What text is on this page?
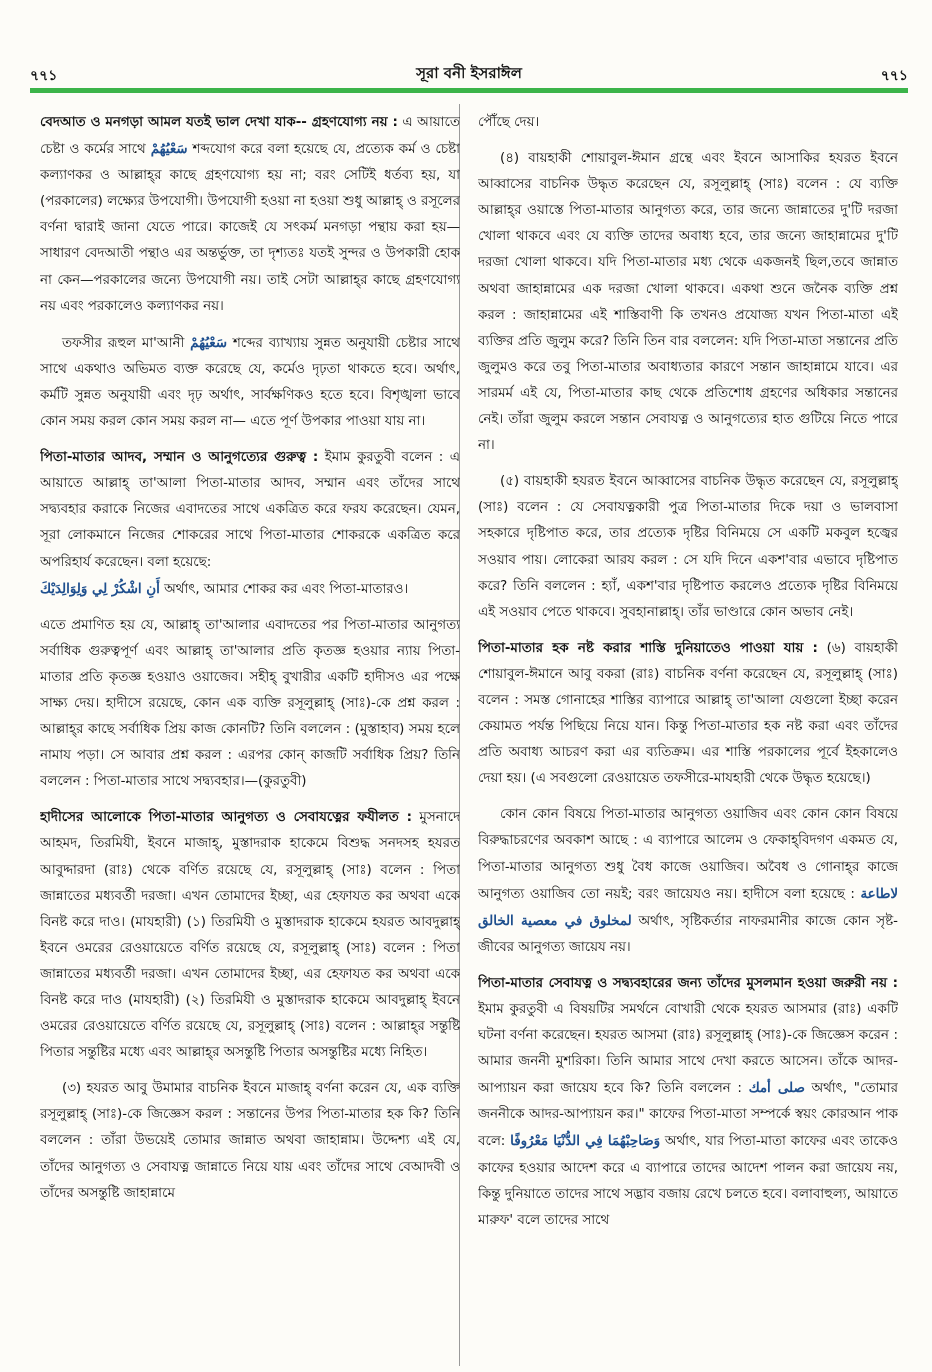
৭৭১	সূরা বনী ইসরাঈল	৭৭১

বেদআত ও মনগড়া আমল যতই ভাল দেখা যাক-- গ্রহণযোগ্য নয় : এ আয়াতে চেষ্টা ও কর্মের সাথে سَعْيُهُمْ শব্দযোগ করে বলা হয়েছে যে, প্রত্যেক কর্ম ও চেষ্টা কল্যাণকর ও আল্লাহ্‌র কাছে গ্রহণযোগ্য হয় না; বরং সেটিই ধর্তব্য হয়, যা (পরকালের) লক্ষ্যের উপযোগী। উপযোগী হওয়া না হওয়া শুধু আল্লাহ্‌ ও রসূলের বর্ণনা দ্বারাই জানা যেতে পারে। কাজেই যে সৎকর্ম মনগড়া পন্থায় করা হয়—সাধারণ বেদআতী পন্থাও এর অন্তর্ভুক্ত, তা দৃশ্যতঃ যতই সুন্দর ও উপকারী হোক না কেন—পরকালের জন্যে উপযোগী নয়। তাই সেটা আল্লাহ্‌র কাছে গ্রহণযোগ্য নয় এবং পরকালেও কল্যাণকর নয়।

তফসীর রূহুল মা'আনী سَعْيُهُمْ শব্দের ব্যাখ্যায় সুন্নত অনুযায়ী চেষ্টার সাথে সাথে একথাও অভিমত ব্যক্ত করেছে যে, কর্মেও দৃঢ়তা থাকতে হবে। অর্থাৎ, কর্মটি সুন্নত অনুযায়ী এবং দৃঢ় অর্থাৎ, সার্বক্ষণিকও হতে হবে। বিশৃঙ্খলা ভাবে কোন সময় করল কোন সময় করল না— এতে পূর্ণ উপকার পাওয়া যায় না।

পিতা-মাতার আদব, সম্মান ও আনুগত্যের গুরুত্ব : ইমাম কুরতুবী বলেন : এ আয়াতে আল্লাহ্‌ তা'আলা পিতা-মাতার আদব, সম্মান এবং তাঁদের সাথে সদ্ব্যবহার করাকে নিজের এবাদতের সাথে একত্রিত করে ফরয করেছেন। যেমন, সূরা লোকমানে নিজের শোকরের সাথে পিতা-মাতার শোকরকে একত্রিত করে অপরিহার্য করেছেন। বলা হয়েছে:
أَنِ اشْكُرْ لِي وَلِوَالِدَيْكَ অর্থাৎ, আমার শোকর কর এবং পিতা-মাতারও।

এতে প্রমাণিত হয় যে, আল্লাহ্‌ তা'আলার এবাদতের পর পিতা-মাতার আনুগত্য সর্বাধিক গুরুত্বপূর্ণ এবং আল্লাহ্‌ তা'আলার প্রতি কৃতজ্ঞ হওয়ার ন্যায় পিতা-মাতার প্রতি কৃতজ্ঞ হওয়াও ওয়াজেব। সহীহ্‌ বুখারীর একটি হাদীসও এর পক্ষে সাক্ষ্য দেয়। হাদীসে রয়েছে, কোন এক ব্যক্তি রসূলুল্লাহ্‌ (সাঃ)-কে প্রশ্ন করল : আল্লাহ্‌র কাছে সর্বাধিক প্রিয় কাজ কোনটি? তিনি বললেন : (মুস্তাহাব) সময় হলে নামায পড়া। সে আবার প্রশ্ন করল : এরপর কোন্ কাজটি সর্বাধিক প্রিয়? তিনি বললেন : পিতা-মাতার সাথে সদ্ব্যবহার।—(কুরতুবী)

হাদীসের আলোকে পিতা-মাতার আনুগত্য ও সেবাযত্নের ফযীলত : মুসনাদে আহমদ, তিরমিযী, ইবনে মাজাহ্‌, মুস্তাদরাক হাকেমে বিশুদ্ধ সনদসহ হযরত আবুদ্দারদা (রাঃ) থেকে বর্ণিত রয়েছে যে, রসূলুল্লাহ্‌ (সাঃ) বলেন : পিতা জান্নাতের মধ্যবর্তী দরজা। এখন তোমাদের ইচ্ছা, এর হেফাযত কর অথবা একে বিনষ্ট করে দাও। (মাযহারী) (১) তিরমিযী ও মুস্তাদরাক হাকেমে হযরত আবদুল্লাহ্‌ ইবনে ওমরের রেওয়ায়েতে বর্ণিত রয়েছে যে, রসূলুল্লাহ্‌ (সাঃ) বলেন : পিতা জান্নাতের মধ্যবর্তী দরজা। এখন তোমাদের ইচ্ছা, এর হেফাযত কর অথবা একে বিনষ্ট করে দাও (মাযহারী) (২) তিরমিযী ও মুস্তাদরাক হাকেমে আবদুল্লাহ্‌ ইবনে ওমরের রেওয়ায়েতে বর্ণিত রয়েছে যে, রসূলুল্লাহ্‌ (সাঃ) বলেন : আল্লাহ্‌র সন্তুষ্টি পিতার সন্তুষ্টির মধ্যে এবং আল্লাহ্‌র অসন্তুষ্টি পিতার অসন্তুষ্টির মধ্যে নিহিত।

(৩) হযরত আবু উমামার বাচনিক ইবনে মাজাহ্‌ বর্ণনা করেন যে, এক ব্যক্তি রসূলুল্লাহ্‌ (সাঃ)-কে জিজ্ঞেস করল : সন্তানের উপর পিতা-মাতার হক কি? তিনি বললেন : তাঁরা উভয়েই তোমার জান্নাত অথবা জাহান্নাম। উদ্দেশ্য এই যে, তাঁদের আনুগত্য ও সেবাযত্ন জান্নাতে নিয়ে যায় এবং তাঁদের সাথে বেআদবী ও তাঁদের অসন্তুষ্টি জাহান্নামে

পৌঁছে দেয়।

(৪) বায়হাকী শোয়াবুল-ঈমান গ্রন্থে এবং ইবনে আসাকির হযরত ইবনে আব্বাসের বাচনিক উদ্ধৃত করেছেন যে, রসূলুল্লাহ্‌ (সাঃ) বলেন : যে ব্যক্তি আল্লাহ্‌র ওয়াস্তে পিতা-মাতার আনুগত্য করে, তার জন্যে জান্নাতের দু'টি দরজা খোলা থাকবে এবং যে ব্যক্তি তাদের অবাধ্য হবে, তার জন্যে জাহান্নামের দু'টি দরজা খোলা থাকবে। যদি পিতা-মাতার মধ্য থেকে একজনই ছিল,তবে জান্নাত অথবা জাহান্নামের এক দরজা খোলা থাকবে। একথা শুনে জনৈক ব্যক্তি প্রশ্ন করল : জাহান্নামের এই শাস্তিবাণী কি তখনও প্রযোজ্য যখন পিতা-মাতা এই ব্যক্তির প্রতি জুলুম করে? তিনি তিন বার বললেন: যদি পিতা-মাতা সন্তানের প্রতি জুলুমও করে তবু পিতা-মাতার অবাধ্যতার কারণে সন্তান জাহান্নামে যাবে। এর সারমর্ম এই যে, পিতা-মাতার কাছ থেকে প্রতিশোধ গ্রহণের অধিকার সন্তানের নেই। তাঁরা জুলুম করলে সন্তান সেবাযত্ন ও আনুগত্যের হাত গুটিয়ে নিতে পারে না।

(৫) বায়হাকী হযরত ইবনে আব্বাসের বাচনিক উদ্ধৃত করেছেন যে, রসূলুল্লাহ্‌ (সাঃ) বলেন : যে সেবাযত্নকারী পুত্র পিতা-মাতার দিকে দয়া ও ভালবাসা সহকারে দৃষ্টিপাত করে, তার প্রত্যেক দৃষ্টির বিনিময়ে সে একটি মকবুল হজ্বের সওয়াব পায়। লোকেরা আরয করল : সে যদি দিনে একশ'বার এভাবে দৃষ্টিপাত করে? তিনি বললেন : হ্যাঁ, একশ'বার দৃষ্টিপাত করলেও প্রত্যেক দৃষ্টির বিনিময়ে এই সওয়াব পেতে থাকবে। সুবহানাল্লাহ্‌। তাঁর ভাণ্ডারে কোন অভাব নেই।

পিতা-মাতার হক নষ্ট করার শাস্তি দুনিয়াতেও পাওয়া যায় : (৬) বায়হাকী শোয়াবুল-ঈমানে আবু বকরা (রাঃ) বাচনিক বর্ণনা করেছেন যে, রসূলুল্লাহ্‌ (সাঃ) বলেন : সমস্ত গোনাহের শাস্তির ব্যাপারে আল্লাহ্‌ তা'আলা যেগুলো ইচ্ছা করেন কেয়ামত পর্যন্ত পিছিয়ে নিয়ে যান। কিন্তু পিতা-মাতার হক নষ্ট করা এবং তাঁদের প্রতি অবাধ্য আচরণ করা এর ব্যতিক্রম। এর শাস্তি পরকালের পূর্বে ইহকালেও দেয়া হয়। (এ সবগুলো রেওয়ায়েত তফসীরে-মাযহারী থেকে উদ্ধৃত হয়েছে।)

কোন কোন বিষয়ে পিতা-মাতার আনুগত্য ওয়াজিব এবং কোন কোন বিষয়ে বিরুদ্ধাচরণের অবকাশ আছে : এ ব্যাপারে আলেম ও ফেকাহ্‌বিদগণ একমত যে, পিতা-মাতার আনুগত্য শুধু বৈধ কাজে ওয়াজিব। অবৈধ ও গোনাহ্‌র কাজে আনুগত্য ওয়াজিব তো নয়ই; বরং জায়েযও নয়। হাদীসে বলা হয়েছে : لاطاعة لمخلوق في معصية الخالق অর্থাৎ, সৃষ্টিকর্তার নাফরমানীর কাজে কোন সৃষ্ট-জীবের আনুগত্য জায়েয নয়।

পিতা-মাতার সেবাযত্ন ও সদ্ব্যবহারের জন্য তাঁদের মুসলমান হওয়া জরুরী নয় : ইমাম কুরতুবী এ বিষয়টির সমর্থনে বোখারী থেকে হযরত আসমার (রাঃ) একটি ঘটনা বর্ণনা করেছেন। হযরত আসমা (রাঃ) রসূলুল্লাহ্‌ (সাঃ)-কে জিজ্ঞেস করেন : আমার জননী মুশরিকা। তিনি আমার সাথে দেখা করতে আসেন। তাঁকে আদর-আপ্যায়ন করা জায়েয হবে কি? তিনি বললেন : صلى أمك অর্থাৎ, "তোমার জননীকে আদর-আপ্যায়ন কর।" কাফের পিতা-মাতা সম্পর্কে স্বয়ং কোরআন পাক বলে: وَصَاحِبْهُمَا فِي الدُّنْيَا مَعْرُوفًا অর্থাৎ, যার পিতা-মাতা কাফের এবং তাকেও কাফের হওয়ার আদেশ করে এ ব্যাপারে তাদের আদেশ পালন করা জায়েয নয়, কিন্তু দুনিয়াতে তাদের সাথে সদ্ভাব বজায় রেখে চলতে হবে। বলাবাহুল্য, আয়াতে মারুফ' বলে তাদের সাথে
